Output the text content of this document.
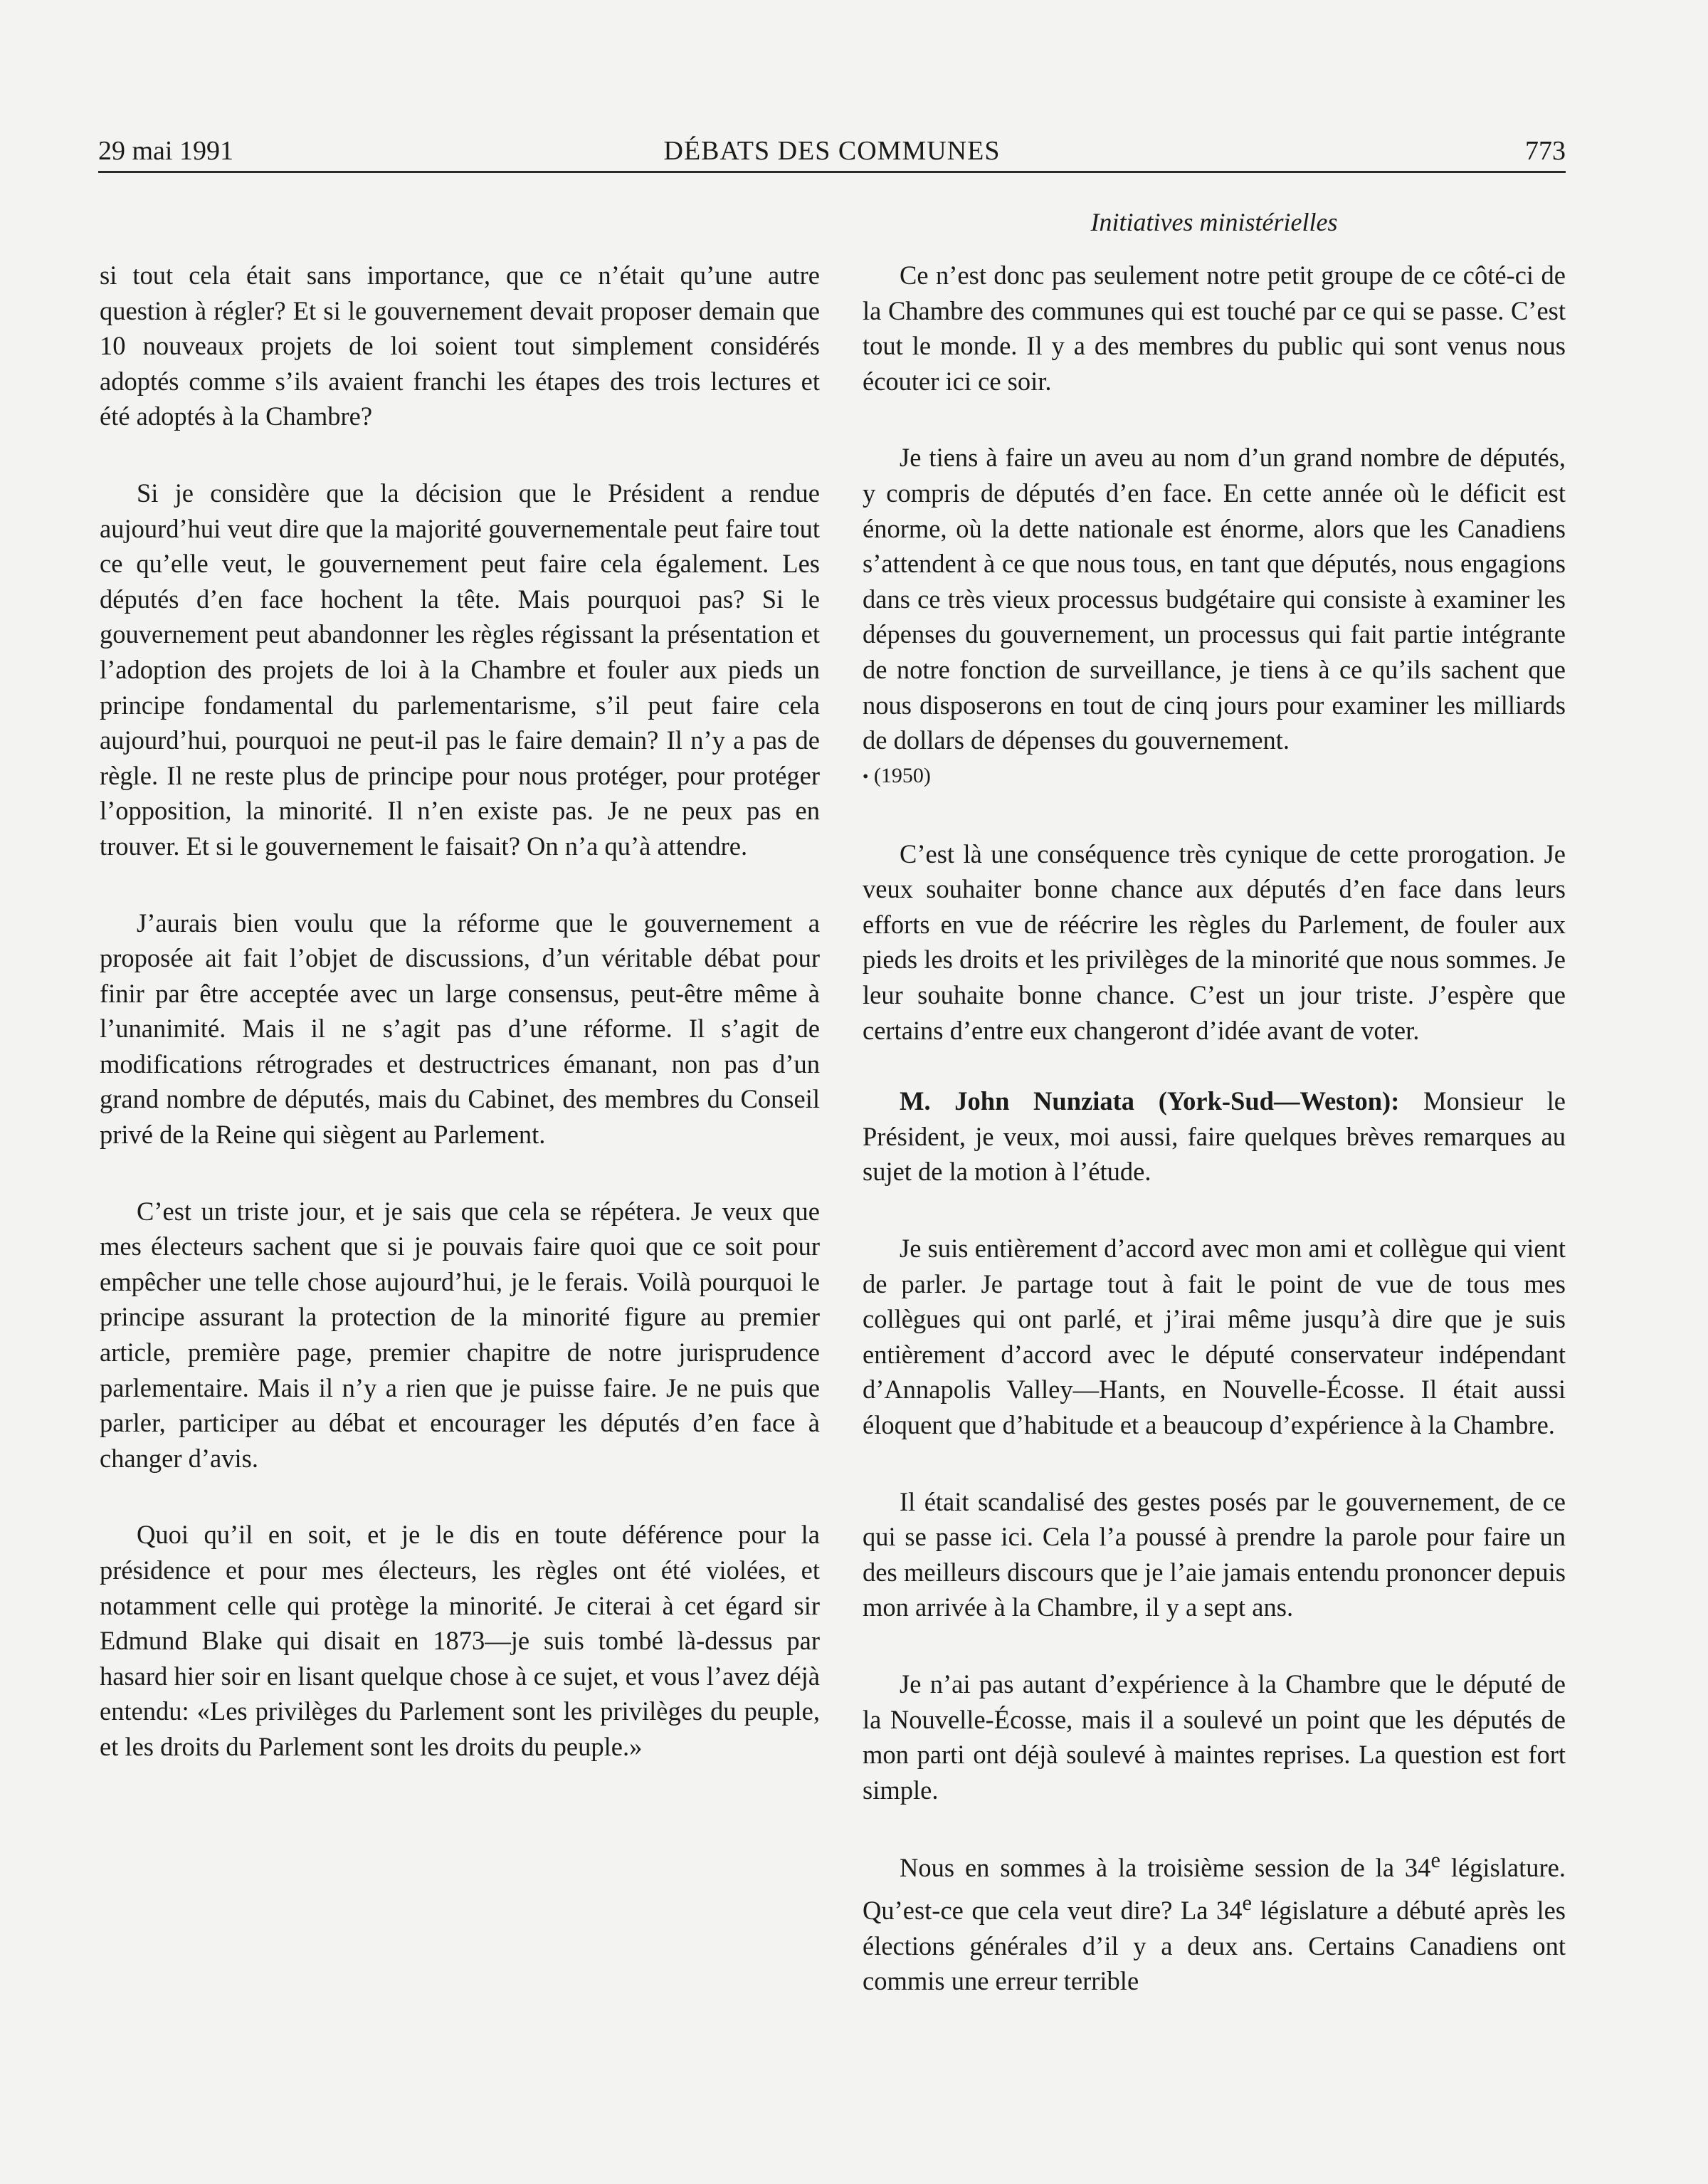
29 mai 1991	DÉBATS DES COMMUNES	773
Initiatives ministérielles

si tout cela était sans importance, que ce n’était qu’une autre question à régler? Et si le gouvernement devait proposer demain que 10 nouveaux projets de loi soient tout simplement considérés adoptés comme s’ils avaient franchi les étapes des trois lectures et été adoptés à la Chambre?

Si je considère que la décision que le Président a rendue aujourd’hui veut dire que la majorité gouvernementale peut faire tout ce qu’elle veut, le gouvernement peut faire cela également. Les députés d’en face hochent la tête. Mais pourquoi pas? Si le gouvernement peut abandonner les règles régissant la présentation et l’adoption des projets de loi à la Chambre et fouler aux pieds un principe fondamental du parlementarisme, s’il peut faire cela aujourd’hui, pourquoi ne peut-il pas le faire demain? Il n’y a pas de règle. Il ne reste plus de principe pour nous protéger, pour protéger l’opposition, la minorité. Il n’en existe pas. Je ne peux pas en trouver. Et si le gouvernement le faisait? On n’a qu’à attendre.

J’aurais bien voulu que la réforme que le gouvernement a proposée ait fait l’objet de discussions, d’un véritable débat pour finir par être acceptée avec un large consensus, peut-être même à l’unanimité. Mais il ne s’agit pas d’une réforme. Il s’agit de modifications rétrogrades et destructrices émanant, non pas d’un grand nombre de députés, mais du Cabinet, des membres du Conseil privé de la Reine qui siègent au Parlement.

C’est un triste jour, et je sais que cela se répétera. Je veux que mes électeurs sachent que si je pouvais faire quoi que ce soit pour empêcher une telle chose aujourd’hui, je le ferais. Voilà pourquoi le principe assurant la protection de la minorité figure au premier article, première page, premier chapitre de notre jurisprudence parlementaire. Mais il n’y a rien que je puisse faire. Je ne puis que parler, participer au débat et encourager les députés d’en face à changer d’avis.

Quoi qu’il en soit, et je le dis en toute déférence pour la présidence et pour mes électeurs, les règles ont été violées, et notamment celle qui protège la minorité. Je citerai à cet égard sir Edmund Blake qui disait en 1873—je suis tombé là-dessus par hasard hier soir en lisant quelque chose à ce sujet, et vous l’avez déjà entendu: «Les privilèges du Parlement sont les privilèges du peuple, et les droits du Parlement sont les droits du peuple.»

Ce n’est donc pas seulement notre petit groupe de ce côté-ci de la Chambre des communes qui est touché par ce qui se passe. C’est tout le monde. Il y a des membres du public qui sont venus nous écouter ici ce soir.

Je tiens à faire un aveu au nom d’un grand nombre de députés, y compris de députés d’en face. En cette année où le déficit est énorme, où la dette nationale est énorme, alors que les Canadiens s’attendent à ce que nous tous, en tant que députés, nous engagions dans ce très vieux processus budgétaire qui consiste à examiner les dépenses du gouvernement, un processus qui fait partie intégrante de notre fonction de surveillance, je tiens à ce qu’ils sachent que nous disposerons en tout de cinq jours pour examiner les milliards de dollars de dépenses du gouvernement.

• (1950)

C’est là une conséquence très cynique de cette prorogation. Je veux souhaiter bonne chance aux députés d’en face dans leurs efforts en vue de réécrire les règles du Parlement, de fouler aux pieds les droits et les privilèges de la minorité que nous sommes. Je leur souhaite bonne chance. C’est un jour triste. J’espère que certains d’entre eux changeront d’idée avant de voter.

M. John Nunziata (York-Sud—Weston): Monsieur le Président, je veux, moi aussi, faire quelques brèves remarques au sujet de la motion à l’étude.

Je suis entièrement d’accord avec mon ami et collègue qui vient de parler. Je partage tout à fait le point de vue de tous mes collègues qui ont parlé, et j’irai même jusqu’à dire que je suis entièrement d’accord avec le député conservateur indépendant d’Annapolis Valley—Hants, en Nouvelle-Écosse. Il était aussi éloquent que d’habitude et a beaucoup d’expérience à la Chambre.

Il était scandalisé des gestes posés par le gouvernement, de ce qui se passe ici. Cela l’a poussé à prendre la parole pour faire un des meilleurs discours que je l’aie jamais entendu prononcer depuis mon arrivée à la Chambre, il y a sept ans.

Je n’ai pas autant d’expérience à la Chambre que le député de la Nouvelle-Écosse, mais il a soulevé un point que les députés de mon parti ont déjà soulevé à maintes reprises. La question est fort simple.

Nous en sommes à la troisième session de la 34e législature. Qu’est-ce que cela veut dire? La 34e législature a débuté après les élections générales d’il y a deux ans. Certains Canadiens ont commis une erreur terrible
